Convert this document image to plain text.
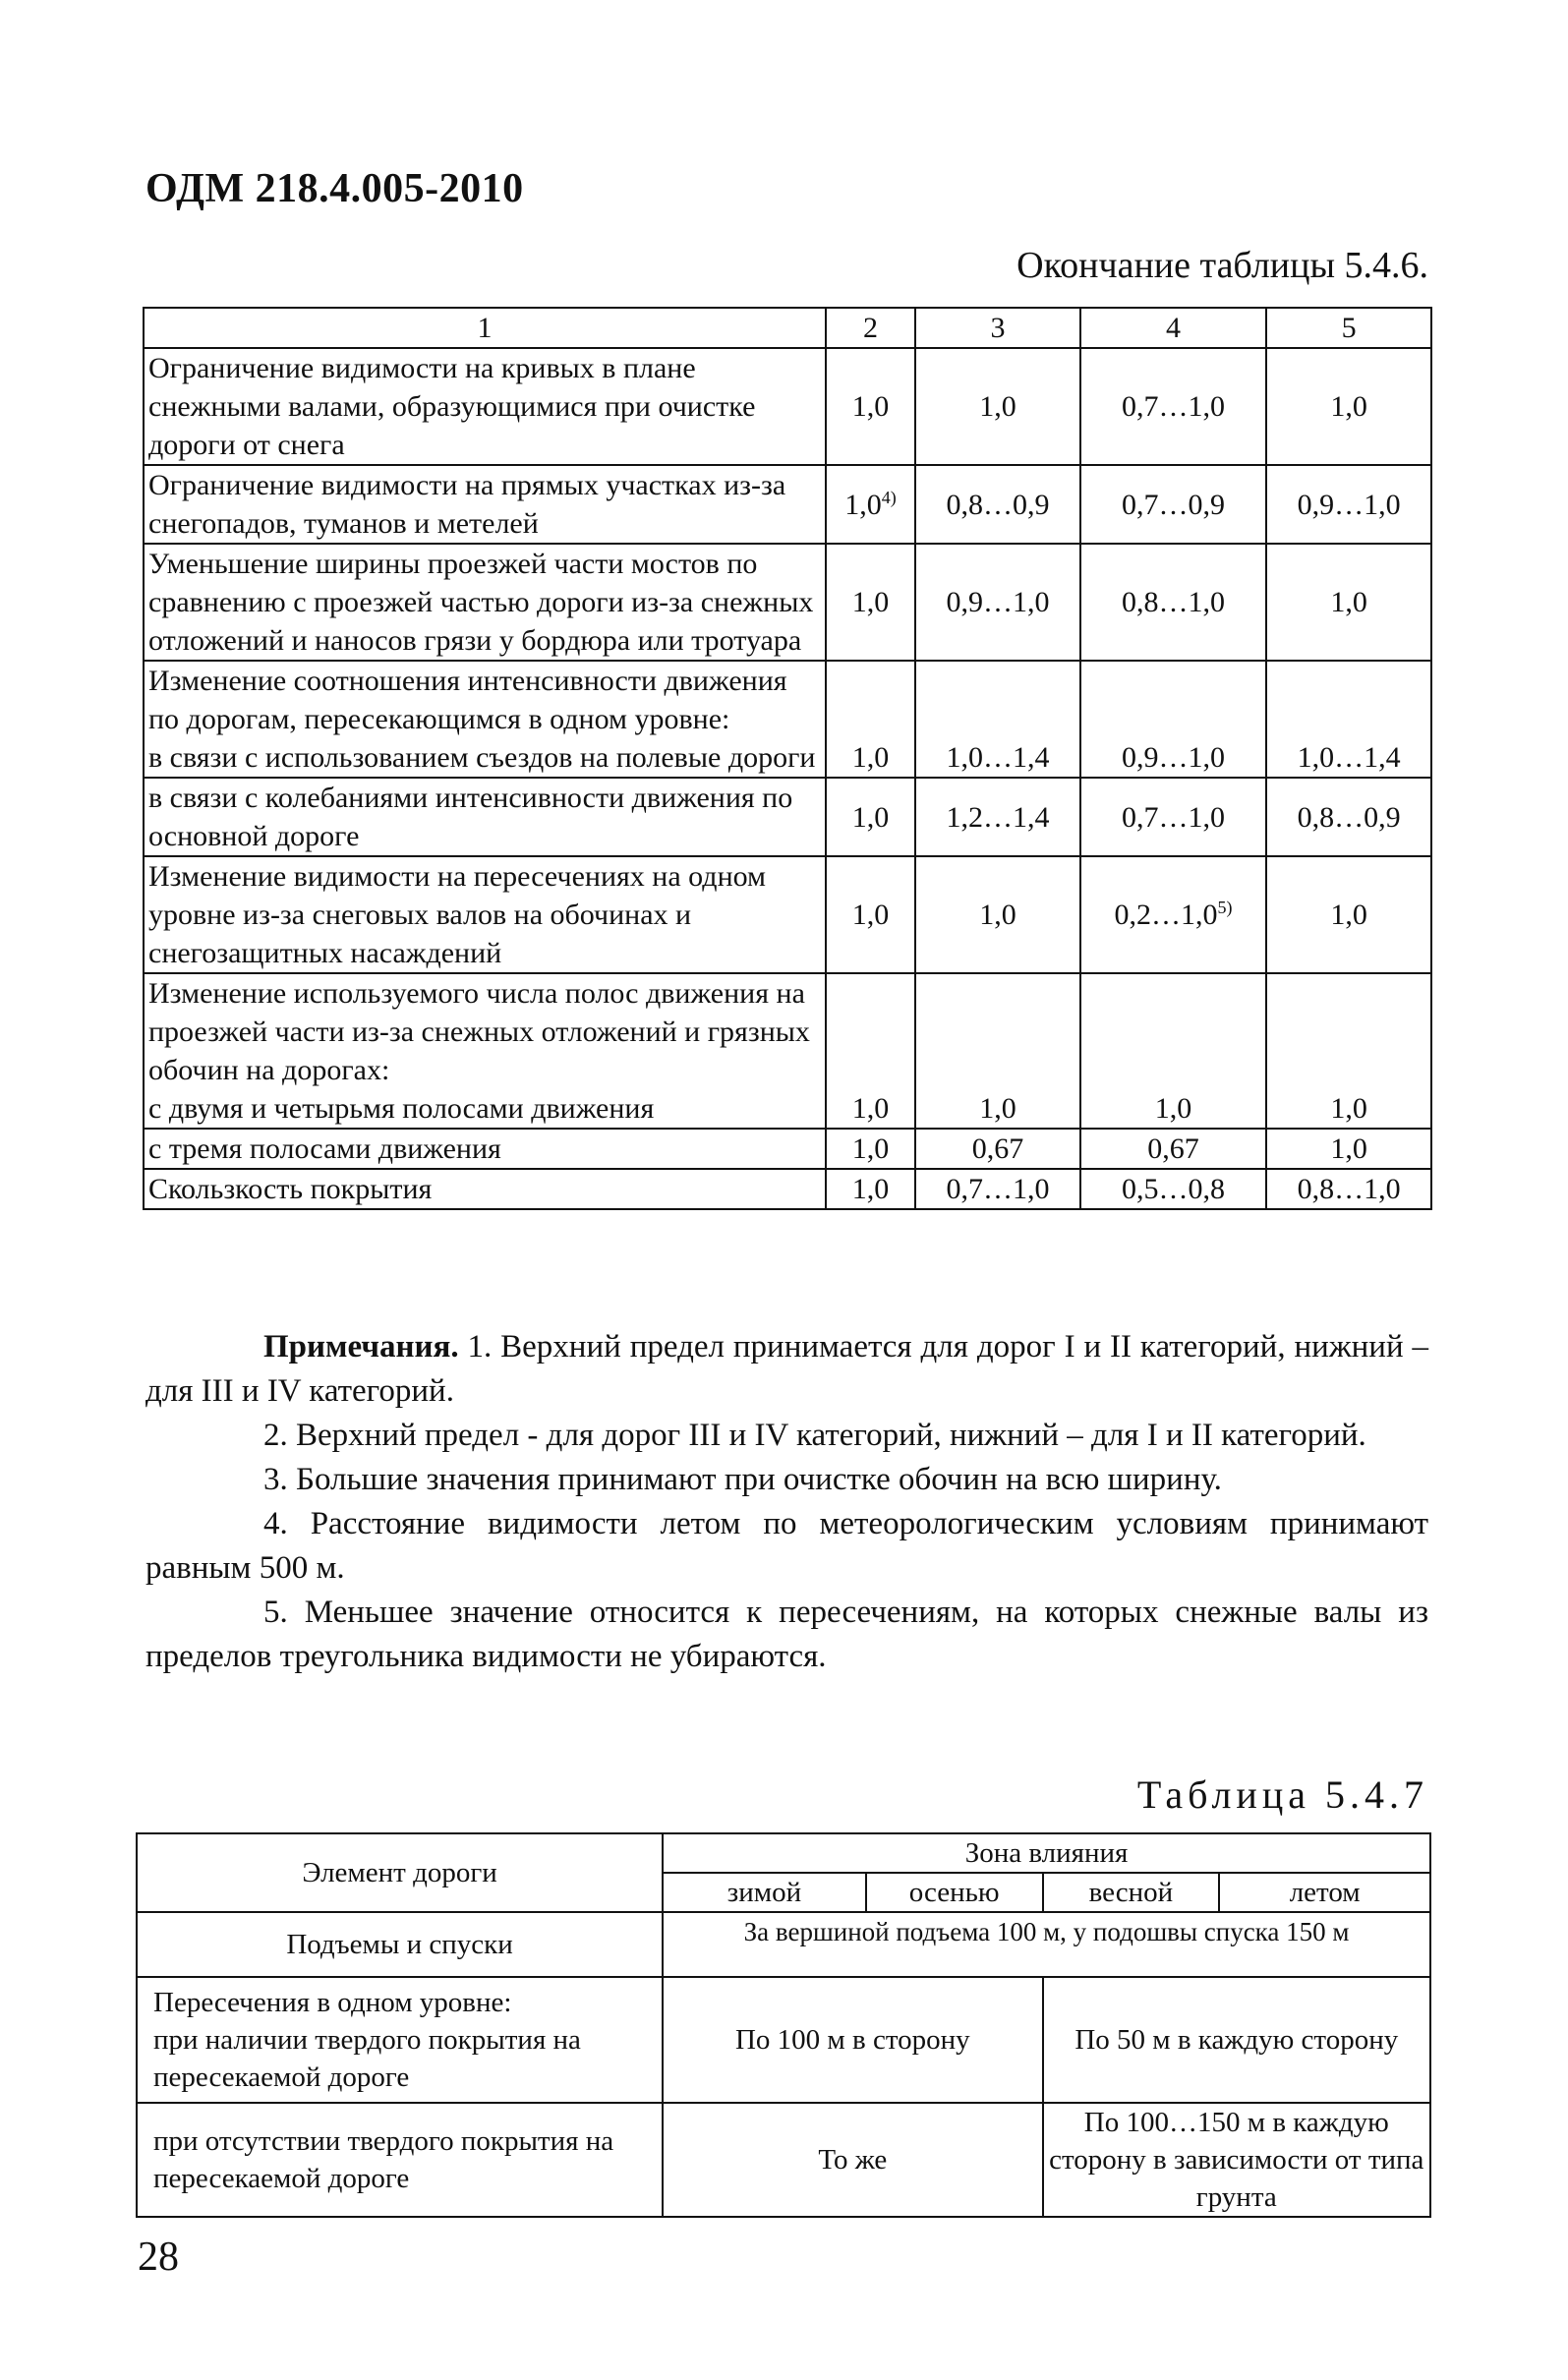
ОДМ 218.4.005-2010
Окончание таблицы 5.4.6.
1	2	3	4	5
Ограничение видимости на кривых в плане снежными валами, образующимися при очистке дороги от снега	1,0	1,0	0,7…1,0	1,0
Ограничение видимости на прямых участках из-за снегопадов, туманов и метелей	1,0$^{4)}$	0,8…0,9	0,7…0,9	0,9…1,0
Уменьшение ширины проезжей части мостов по сравнению с проезжей частью дороги из-за снежных отложений и наносов грязи у бордюра или тротуара	1,0	0,9…1,0	0,8…1,0	1,0

Изменение соотношения интенсивности движения по дорогам, пересекающимся в одном уровне:
в связи с использованием съездов на полевые дороги	1,0	1,0…1,4	0,9…1,0	1,0…1,4
в связи с колебаниями интенсивности движения по основной дороге	1,0	1,2…1,4	0,7…1,0	0,8…0,9
Изменение видимости на пересечениях на одном уровне из-за снеговых валов на обочинах и снегозащитных насаждений	1,0	1,0	0,2…1,0$^{5)}$	1,0

Изменение используемого числа полос движения на проезжей части из-за снежных отложений и грязных обочин на дорогах:
с двумя и четырьмя полосами движения	1,0	1,0	1,0	1,0
с тремя полосами движения	1,0	0,67	0,67	1,0
Скользкость покрытия	1,0	0,7…1,0	0,5…0,8	0,8…1,0

Примечания. 1. Верхний предел принимается для дорог I и II категорий, нижний – для III и IV категорий.

2. Верхний предел - для дорог III и IV категорий, нижний – для I и II категорий.

3. Большие значения принимают при очистке обочин на всю ширину.

4. Расстояние видимости летом по метеорологическим условиям принимают равным 500 м.

5. Меньшее значение относится к пересечениям, на которых снежные валы из пределов треугольника видимости не убираются.

Таблица 5.4.7
Элемент дороги	Зона влияния			
	зимой	осенью	весной	летом
Подъемы и спуски	За вершиной подъема 100 м, у подошвы спуска 150 м			

Пересечения в одном уровне:
при наличии твердого покрытия на пересекаемой дороге	По 100 м в сторону		По 50 м в каждую сторону	
при отсутствии твердого покрытия на пересекаемой дороге	То же		По 100…150 м в каждую сторону в зависимости от типа грунта	
28
